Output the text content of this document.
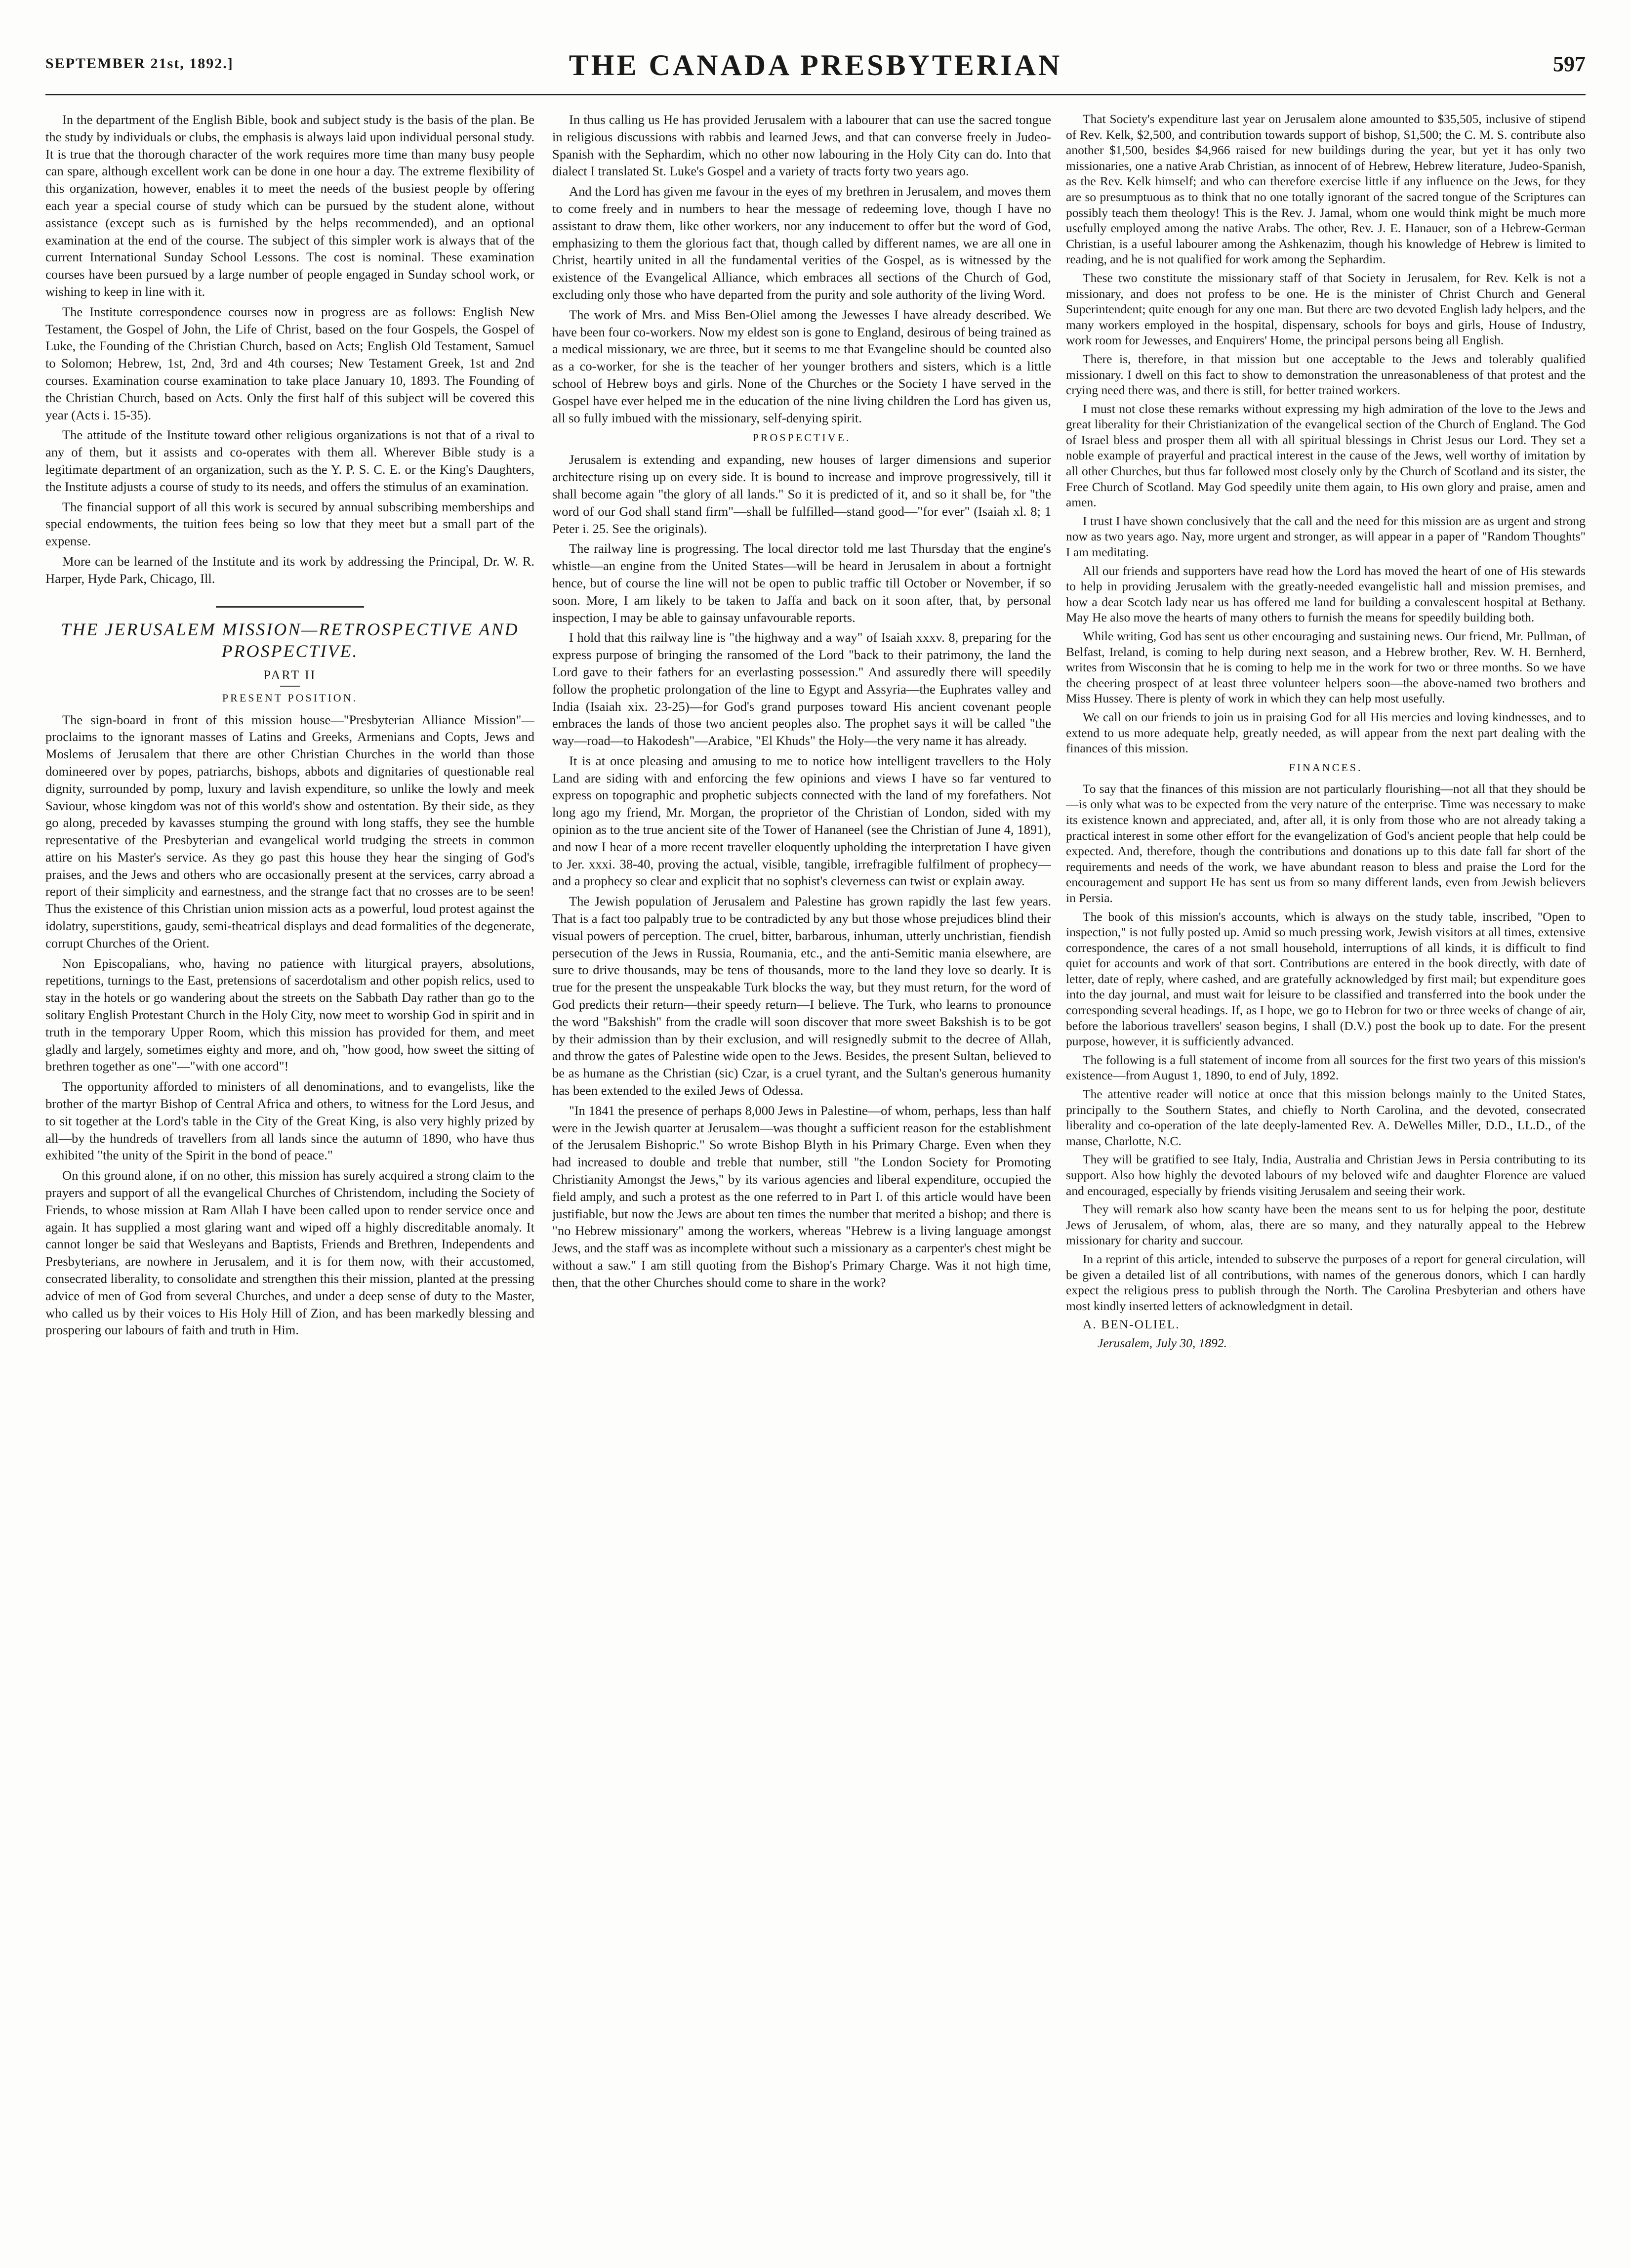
SEPTEMBER 21st, 1892.]	THE CANADA PRESBYTERIAN	597

In the department of the English Bible, book and subject study is the basis of the plan. Be the study by individuals or clubs, the emphasis is always laid upon individual personal study. It is true that the thorough character of the work requires more time than many busy people can spare, although excellent work can be done in one hour a day. The extreme flexibility of this organization, however, enables it to meet the needs of the busiest people by offering each year a special course of study which can be pursued by the student alone, without assistance (except such as is furnished by the helps recommended), and an optional examination at the end of the course. The subject of this simpler work is always that of the current International Sunday School Lessons. The cost is nominal. These examination courses have been pursued by a large number of people engaged in Sunday school work, or wishing to keep in line with it.

The Institute correspondence courses now in progress are as follows: English New Testament, the Gospel of John, the Life of Christ, based on the four Gospels, the Gospel of Luke, the Founding of the Christian Church, based on Acts; English Old Testament, Samuel to Solomon; Hebrew, 1st, 2nd, 3rd and 4th courses; New Testament Greek, 1st and 2nd courses. Examination course examination to take place January 10, 1893. The Founding of the Christian Church, based on Acts. Only the first half of this subject will be covered this year (Acts i. 15-35).

The attitude of the Institute toward other religious organizations is not that of a rival to any of them, but it assists and co-operates with them all. Wherever Bible study is a legitimate department of an organization, such as the Y. P. S. C. E. or the King's Daughters, the Institute adjusts a course of study to its needs, and offers the stimulus of an examination.

The financial support of all this work is secured by annual subscribing memberships and special endowments, the tuition fees being so low that they meet but a small part of the expense.

More can be learned of the Institute and its work by addressing the Principal, Dr. W. R. Harper, Hyde Park, Chicago, Ill.

THE JERUSALEM MISSION—RETROSPECTIVE AND PROSPECTIVE.
PART II
PRESENT POSITION.

The sign-board in front of this mission house—"Presbyterian Alliance Mission"—proclaims to the ignorant masses of Latins and Greeks, Armenians and Copts, Jews and Moslems of Jerusalem that there are other Christian Churches in the world than those domineered over by popes, patriarchs, bishops, abbots and dignitaries of questionable real dignity, surrounded by pomp, luxury and lavish expenditure, so unlike the lowly and meek Saviour, whose kingdom was not of this world's show and ostentation. By their side, as they go along, preceded by kavasses stumping the ground with long staffs, they see the humble representative of the Presbyterian and evangelical world trudging the streets in common attire on his Master's service. As they go past this house they hear the singing of God's praises, and the Jews and others who are occasionally present at the services, carry abroad a report of their simplicity and earnestness, and the strange fact that no crosses are to be seen! Thus the existence of this Christian union mission acts as a powerful, loud protest against the idolatry, superstitions, gaudy, semi-theatrical displays and dead formalities of the degenerate, corrupt Churches of the Orient.

Non Episcopalians, who, having no patience with liturgical prayers, absolutions, repetitions, turnings to the East, pretensions of sacerdotalism and other popish relics, used to stay in the hotels or go wandering about the streets on the Sabbath Day rather than go to the solitary English Protestant Church in the Holy City, now meet to worship God in spirit and in truth in the temporary Upper Room, which this mission has provided for them, and meet gladly and largely, sometimes eighty and more, and oh, "how good, how sweet the sitting of brethren together as one"—"with one accord"!

The opportunity afforded to ministers of all denominations, and to evangelists, like the brother of the martyr Bishop of Central Africa and others, to witness for the Lord Jesus, and to sit together at the Lord's table in the City of the Great King, is also very highly prized by all—by the hundreds of travellers from all lands since the autumn of 1890, who have thus exhibited "the unity of the Spirit in the bond of peace."

On this ground alone, if on no other, this mission has surely acquired a strong claim to the prayers and support of all the evangelical Churches of Christendom, including the Society of Friends, to whose mission at Ram Allah I have been called upon to render service once and again. It has supplied a most glaring want and wiped off a highly discreditable anomaly. It cannot longer be said that Wesleyans and Baptists, Friends and Brethren, Independents and Presbyterians, are nowhere in Jerusalem, and it is for them now, with their accustomed, consecrated liberality, to consolidate and strengthen this their mission, planted at the pressing advice of men of God from several Churches, and under a deep sense of duty to the Master, who called us by their voices to His Holy Hill of Zion, and has been markedly blessing and prospering our labours of faith and truth in Him.

In thus calling us He has provided Jerusalem with a labourer that can use the sacred tongue in religious discussions with rabbis and learned Jews, and that can converse freely in Judeo-Spanish with the Sephardim, which no other now labouring in the Holy City can do. Into that dialect I translated St. Luke's Gospel and a variety of tracts forty two years ago.

And the Lord has given me favour in the eyes of my brethren in Jerusalem, and moves them to come freely and in numbers to hear the message of redeeming love, though I have no assistant to draw them, like other workers, nor any inducement to offer but the word of God, emphasizing to them the glorious fact that, though called by different names, we are all one in Christ, heartily united in all the fundamental verities of the Gospel, as is witnessed by the existence of the Evangelical Alliance, which embraces all sections of the Church of God, excluding only those who have departed from the purity and sole authority of the living Word.

The work of Mrs. and Miss Ben-Oliel among the Jewesses I have already described. We have been four co-workers. Now my eldest son is gone to England, desirous of being trained as a medical missionary, we are three, but it seems to me that Evangeline should be counted also as a co-worker, for she is the teacher of her younger brothers and sisters, which is a little school of Hebrew boys and girls. None of the Churches or the Society I have served in the Gospel have ever helped me in the education of the nine living children the Lord has given us, all so fully imbued with the missionary, self-denying spirit.

PROSPECTIVE.

Jerusalem is extending and expanding, new houses of larger dimensions and superior architecture rising up on every side. It is bound to increase and improve progressively, till it shall become again "the glory of all lands." So it is predicted of it, and so it shall be, for "the word of our God shall stand firm"—shall be fulfilled—stand good—"for ever" (Isaiah xl. 8; 1 Peter i. 25. See the originals).

The railway line is progressing. The local director told me last Thursday that the engine's whistle—an engine from the United States—will be heard in Jerusalem in about a fortnight hence, but of course the line will not be open to public traffic till October or November, if so soon. More, I am likely to be taken to Jaffa and back on it soon after, that, by personal inspection, I may be able to gainsay unfavourable reports.

I hold that this railway line is "the highway and a way" of Isaiah xxxv. 8, preparing for the express purpose of bringing the ransomed of the Lord "back to their patrimony, the land the Lord gave to their fathers for an everlasting possession." And assuredly there will speedily follow the prophetic prolongation of the line to Egypt and Assyria—the Euphrates valley and India (Isaiah xix. 23-25)—for God's grand purposes toward His ancient covenant people embraces the lands of those two ancient peoples also. The prophet says it will be called "the way—road—to Hakodesh"—Arabice, "El Khuds" the Holy—the very name it has already.

It is at once pleasing and amusing to me to notice how intelligent travellers to the Holy Land are siding with and enforcing the few opinions and views I have so far ventured to express on topographic and prophetic subjects connected with the land of my forefathers. Not long ago my friend, Mr. Morgan, the proprietor of the Christian of London, sided with my opinion as to the true ancient site of the Tower of Hananeel (see the Christian of June 4, 1891), and now I hear of a more recent traveller eloquently upholding the interpretation I have given to Jer. xxxi. 38-40, proving the actual, visible, tangible, irrefragible fulfilment of prophecy—and a prophecy so clear and explicit that no sophist's cleverness can twist or explain away.

The Jewish population of Jerusalem and Palestine has grown rapidly the last few years. That is a fact too palpably true to be contradicted by any but those whose prejudices blind their visual powers of perception. The cruel, bitter, barbarous, inhuman, utterly unchristian, fiendish persecution of the Jews in Russia, Roumania, etc., and the anti-Semitic mania elsewhere, are sure to drive thousands, may be tens of thousands, more to the land they love so dearly. It is true for the present the unspeakable Turk blocks the way, but they must return, for the word of God predicts their return—their speedy return—I believe. The Turk, who learns to pronounce the word "Bakshish" from the cradle will soon discover that more sweet Bakshish is to be got by their admission than by their exclusion, and will resignedly submit to the decree of Allah, and throw the gates of Palestine wide open to the Jews. Besides, the present Sultan, believed to be as humane as the Christian (sic) Czar, is a cruel tyrant, and the Sultan's generous humanity has been extended to the exiled Jews of Odessa.

"In 1841 the presence of perhaps 8,000 Jews in Palestine—of whom, perhaps, less than half were in the Jewish quarter at Jerusalem—was thought a sufficient reason for the establishment of the Jerusalem Bishopric." So wrote Bishop Blyth in his Primary Charge. Even when they had increased to double and treble that number, still "the London Society for Promoting Christianity Amongst the Jews," by its various agencies and liberal expenditure, occupied the field amply, and such a protest as the one referred to in Part I. of this article would have been justifiable, but now the Jews are about ten times the number that merited a bishop; and there is "no Hebrew missionary" among the workers, whereas "Hebrew is a living language amongst Jews, and the staff was as incomplete without such a missionary as a carpenter's chest might be without a saw." I am still quoting from the Bishop's Primary Charge. Was it not high time, then, that the other Churches should come to share in the work?

That Society's expenditure last year on Jerusalem alone amounted to $35,505, inclusive of stipend of Rev. Kelk, $2,500, and contribution towards support of bishop, $1,500; the C. M. S. contribute also another $1,500, besides $4,966 raised for new buildings during the year, but yet it has only two missionaries, one a native Arab Christian, as innocent of of Hebrew, Hebrew literature, Judeo-Spanish, as the Rev. Kelk himself; and who can therefore exercise little if any influence on the Jews, for they are so presumptuous as to think that no one totally ignorant of the sacred tongue of the Scriptures can possibly teach them theology! This is the Rev. J. Jamal, whom one would think might be much more usefully employed among the native Arabs. The other, Rev. J. E. Hanauer, son of a Hebrew-German Christian, is a useful labourer among the Ashkenazim, though his knowledge of Hebrew is limited to reading, and he is not qualified for work among the Sephardim.

These two constitute the missionary staff of that Society in Jerusalem, for Rev. Kelk is not a missionary, and does not profess to be one. He is the minister of Christ Church and General Superintendent; quite enough for any one man. But there are two devoted English lady helpers, and the many workers employed in the hospital, dispensary, schools for boys and girls, House of Industry, work room for Jewesses, and Enquirers' Home, the principal persons being all English.

There is, therefore, in that mission but one acceptable to the Jews and tolerably qualified missionary. I dwell on this fact to show to demonstration the unreasonableness of that protest and the crying need there was, and there is still, for better trained workers.

I must not close these remarks without expressing my high admiration of the love to the Jews and great liberality for their Christianization of the evangelical section of the Church of England. The God of Israel bless and prosper them all with all spiritual blessings in Christ Jesus our Lord. They set a noble example of prayerful and practical interest in the cause of the Jews, well worthy of imitation by all other Churches, but thus far followed most closely only by the Church of Scotland and its sister, the Free Church of Scotland. May God speedily unite them again, to His own glory and praise, amen and amen.

I trust I have shown conclusively that the call and the need for this mission are as urgent and strong now as two years ago. Nay, more urgent and stronger, as will appear in a paper of "Random Thoughts" I am meditating.

All our friends and supporters have read how the Lord has moved the heart of one of His stewards to help in providing Jerusalem with the greatly-needed evangelistic hall and mission premises, and how a dear Scotch lady near us has offered me land for building a convalescent hospital at Bethany. May He also move the hearts of many others to furnish the means for speedily building both.

While writing, God has sent us other encouraging and sustaining news. Our friend, Mr. Pullman, of Belfast, Ireland, is coming to help during next season, and a Hebrew brother, Rev. W. H. Bernherd, writes from Wisconsin that he is coming to help me in the work for two or three months. So we have the cheering prospect of at least three volunteer helpers soon—the above-named two brothers and Miss Hussey. There is plenty of work in which they can help most usefully.

We call on our friends to join us in praising God for all His mercies and loving kindnesses, and to extend to us more adequate help, greatly needed, as will appear from the next part dealing with the finances of this mission.

FINANCES.

To say that the finances of this mission are not particularly flourishing—not all that they should be—is only what was to be expected from the very nature of the enterprise. Time was necessary to make its existence known and appreciated, and, after all, it is only from those who are not already taking a practical interest in some other effort for the evangelization of God's ancient people that help could be expected. And, therefore, though the contributions and donations up to this date fall far short of the requirements and needs of the work, we have abundant reason to bless and praise the Lord for the encouragement and support He has sent us from so many different lands, even from Jewish believers in Persia.

The book of this mission's accounts, which is always on the study table, inscribed, "Open to inspection," is not fully posted up. Amid so much pressing work, Jewish visitors at all times, extensive correspondence, the cares of a not small household, interruptions of all kinds, it is difficult to find quiet for accounts and work of that sort. Contributions are entered in the book directly, with date of letter, date of reply, where cashed, and are gratefully acknowledged by first mail; but expenditure goes into the day journal, and must wait for leisure to be classified and transferred into the book under the corresponding several headings. If, as I hope, we go to Hebron for two or three weeks of change of air, before the laborious travellers' season begins, I shall (D.V.) post the book up to date. For the present purpose, however, it is sufficiently advanced.

The following is a full statement of income from all sources for the first two years of this mission's existence—from August 1, 1890, to end of July, 1892.

The attentive reader will notice at once that this mission belongs mainly to the United States, principally to the Southern States, and chiefly to North Carolina, and the devoted, consecrated liberality and co-operation of the late deeply-lamented Rev. A. DeWelles Miller, D.D., LL.D., of the manse, Charlotte, N.C.

They will be gratified to see Italy, India, Australia and Christian Jews in Persia contributing to its support. Also how highly the devoted labours of my beloved wife and daughter Florence are valued and encouraged, especially by friends visiting Jerusalem and seeing their work.

They will remark also how scanty have been the means sent to us for helping the poor, destitute Jews of Jerusalem, of whom, alas, there are so many, and they naturally appeal to the Hebrew missionary for charity and succour.

In a reprint of this article, intended to subserve the purposes of a report for general circulation, will be given a detailed list of all contributions, with names of the generous donors, which I can hardly expect the religious press to publish through the North. The Carolina Presbyterian and others have most kindly inserted letters of acknowledgment in detail.

A. BEN-OLIEL.

Jerusalem, July 30, 1892.
